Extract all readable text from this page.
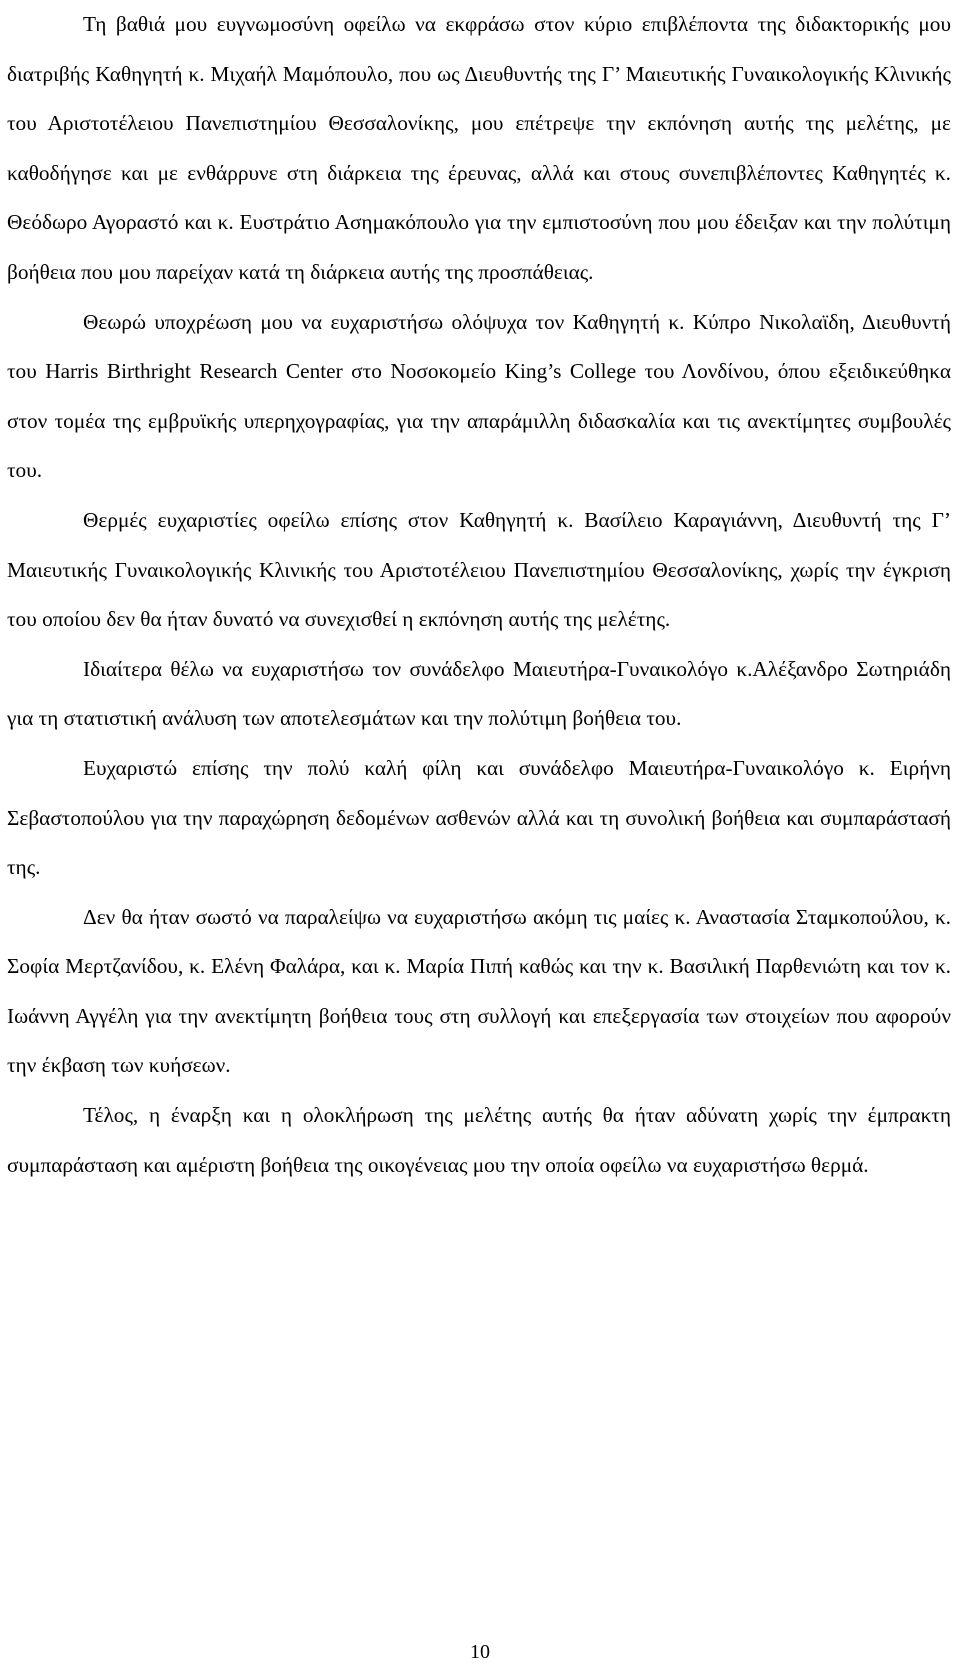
Τη βαθιά μου ευγνωμοσύνη οφείλω να εκφράσω στον κύριο επιβλέποντα της διδακτορικής μου διατριβής Καθηγητή κ. Μιχαήλ Μαμόπουλο, που ως Διευθυντής της Γ’ Μαιευτικής Γυναικολογικής Κλινικής του Αριστοτέλειου Πανεπιστημίου Θεσσαλονίκης, μου επέτρεψε την εκπόνηση αυτής της μελέτης, με καθοδήγησε και με ενθάρρυνε στη διάρκεια της έρευνας, αλλά και στους συνεπιβλέποντες Καθηγητές κ. Θεόδωρο Αγοραστό και κ. Ευστράτιο Ασημακόπουλο για την εμπιστοσύνη που μου έδειξαν και την πολύτιμη βοήθεια που μου παρείχαν κατά τη διάρκεια αυτής της προσπάθειας.

Θεωρώ υποχρέωση μου να ευχαριστήσω ολόψυχα τον Καθηγητή κ. Κύπρο Νικολαϊδη, Διευθυντή του Harris Birthright Research Center στο Νοσοκομείο King’s College του Λονδίνου, όπου εξειδικεύθηκα στον τομέα της εμβρυϊκής υπερηχογραφίας, για την απαράμιλλη διδασκαλία και τις ανεκτίμητες συμβουλές του.

Θερμές ευχαριστίες οφείλω επίσης στον Καθηγητή κ. Βασίλειο Καραγιάννη, Διευθυντή της Γ’ Μαιευτικής Γυναικολογικής Κλινικής του Αριστοτέλειου Πανεπιστημίου Θεσσαλονίκης, χωρίς την έγκριση του οποίου δεν θα ήταν δυνατό να συνεχισθεί η εκπόνηση αυτής της μελέτης.

Ιδιαίτερα θέλω να ευχαριστήσω τον συνάδελφο Μαιευτήρα-Γυναικολόγο κ.Αλέξανδρο Σωτηριάδη για τη στατιστική ανάλυση των αποτελεσμάτων και την πολύτιμη βοήθεια του.

Ευχαριστώ επίσης την πολύ καλή φίλη και συνάδελφο Μαιευτήρα-Γυναικολόγο κ. Ειρήνη Σεβαστοπούλου για την παραχώρηση δεδομένων ασθενών αλλά και τη συνολική βοήθεια και συμπαράστασή της.

Δεν θα ήταν σωστό να παραλείψω να ευχαριστήσω ακόμη τις μαίες κ. Αναστασία Σταμκοπούλου, κ. Σοφία Μερτζανίδου, κ. Ελένη Φαλάρα, και κ. Μαρία Πιπή καθώς και την κ. Βασιλική Παρθενιώτη και τον κ. Ιωάννη Αγγέλη για την ανεκτίμητη βοήθεια τους στη συλλογή και επεξεργασία των στοιχείων που αφορούν την έκβαση των κυήσεων.

Τέλος, η έναρξη και η ολοκλήρωση της μελέτης αυτής θα ήταν αδύνατη χωρίς την έμπρακτη συμπαράσταση και αμέριστη βοήθεια της οικογένειας μου την οποία οφείλω να ευχαριστήσω θερμά.

10
